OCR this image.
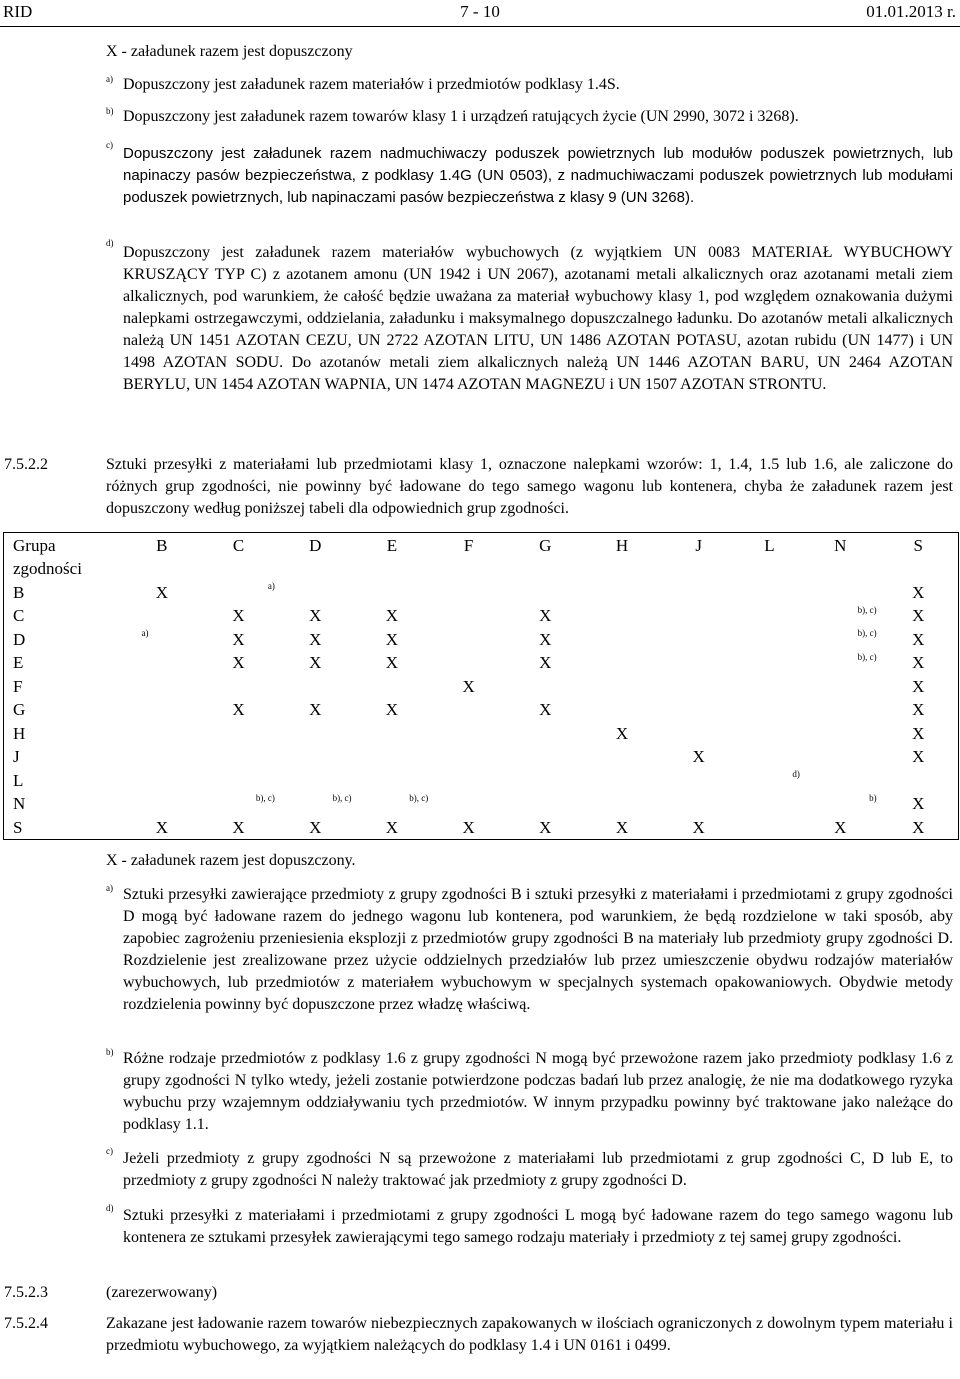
RID	7 - 10	01.01.2013 r.

X - załadunek razem jest dopuszczony

a) Dopuszczony jest załadunek razem materiałów i przedmiotów podklasy 1.4S.

b) Dopuszczony jest załadunek razem towarów klasy 1 i urządzeń ratujących życie (UN 2990, 3072 i 3268).

c) Dopuszczony jest załadunek razem nadmuchiwaczy poduszek powietrznych lub modułów poduszek powietrznych, lub napinaczy pasów bezpieczeństwa, z podklasy 1.4G (UN 0503), z nadmuchiwaczami poduszek powietrznych lub modułami poduszek powietrznych, lub napinaczami pasów bezpieczeństwa z klasy 9 (UN 3268).

d)

Dopuszczony jest załadunek razem materiałów wybuchowych (z wyjątkiem UN 0083 MATERIAŁ WYBUCHOWY KRUSZĄCY TYP C) z azotanem amonu (UN 1942 i UN 2067), azotanami metali alkalicznych oraz azotanami metali ziem alkalicznych, pod warunkiem, że całość będzie uważana za materiał wybuchowy klasy 1, pod względem oznakowania dużymi nalepkami ostrzegawczymi, oddzielania, załadunku i maksymalnego dopuszczalnego ładunku. Do azotanów metali alkalicznych należą UN 1451 AZOTAN CEZU, UN 2722 AZOTAN LITU, UN 1486 AZOTAN POTASU, azotan rubidu (UN 1477) i UN 1498 AZOTAN SODU. Do azotanów metali ziem alkalicznych należą UN 1446 AZOTAN BARU, UN 2464 AZOTAN BERYLU, UN 1454 AZOTAN WAPNIA, UN 1474 AZOTAN MAGNEZU i UN 1507 AZOTAN STRONTU.

7.5.2.2	Sztuki przesyłki z materiałami lub przedmiotami klasy 1, oznaczone nalepkami wzorów: 1, 1.4, 1.5 lub 1.6, ale zaliczone do różnych grup zgodności, nie powinny być ładowane do tego samego wagonu lub kontenera, chyba że załadunek razem jest dopuszczony według poniższej tabeli dla odpowiednich grup zgodności.

Grupa	B	C	D	E	F	G	H	J	L	N	S
zgodności											
B	X	a)									X
C		X	X	X		X				b), c)	X
D	a)	X	X	X		X				b), c)	X
E		X	X	X		X				b), c)	X
F					X						X
G		X	X	X		X					X
H							X				X
J								X			X
L									d)		

N		b), c)	b), c)	b), c)						b)	X
S	X	X	X	X	X	X	X	X		X	X

X - załadunek razem jest dopuszczony.

a) Sztuki przesyłki zawierające przedmioty z grupy zgodności B i sztuki przesyłki z materiałami i przedmiotami z grupy zgodności D mogą być ładowane razem do jednego wagonu lub kontenera, pod warunkiem, że będą rozdzielone w taki sposób, aby zapobiec zagrożeniu przeniesienia eksplozji z przedmiotów grupy zgodności B na materiały lub przedmioty grupy zgodności D. Rozdzielenie jest zrealizowane przez użycie oddzielnych przedziałów lub przez umieszczenie obydwu rodzajów materiałów wybuchowych, lub przedmiotów z materiałem wybuchowym w specjalnych systemach opakowaniowych. Obydwie metody rozdzielenia powinny być dopuszczone przez władzę właściwą.

b) Różne rodzaje przedmiotów z podklasy 1.6 z grupy zgodności N mogą być przewożone razem jako przedmioty podklasy 1.6 z grupy zgodności N tylko wtedy, jeżeli zostanie potwierdzone podczas badań lub przez analogię, że nie ma dodatkowego ryzyka wybuchu przy wzajemnym oddziaływaniu tych przedmiotów. W innym przypadku powinny być traktowane jako należące do podklasy 1.1.

c) Jeżeli przedmioty z grupy zgodności N są przewożone z materiałami lub przedmiotami z grup zgodności C, D lub E, to przedmioty z grupy zgodności N należy traktować jak przedmioty z grupy zgodności D.

d) Sztuki przesyłki z materiałami i przedmiotami z grupy zgodności L mogą być ładowane razem do tego samego wagonu lub kontenera ze sztukami przesyłek zawierającymi tego samego rodzaju materiały i przedmioty z tej samej grupy zgodności.

7.5.2.3	(zarezerwowany)

7.5.2.4	Zakazane jest ładowanie razem towarów niebezpiecznych zapakowanych w ilościach ograniczonych z dowolnym typem materiału i przedmiotu wybuchowego, za wyjątkiem należących do podklasy 1.4 i UN 0161 i 0499.
